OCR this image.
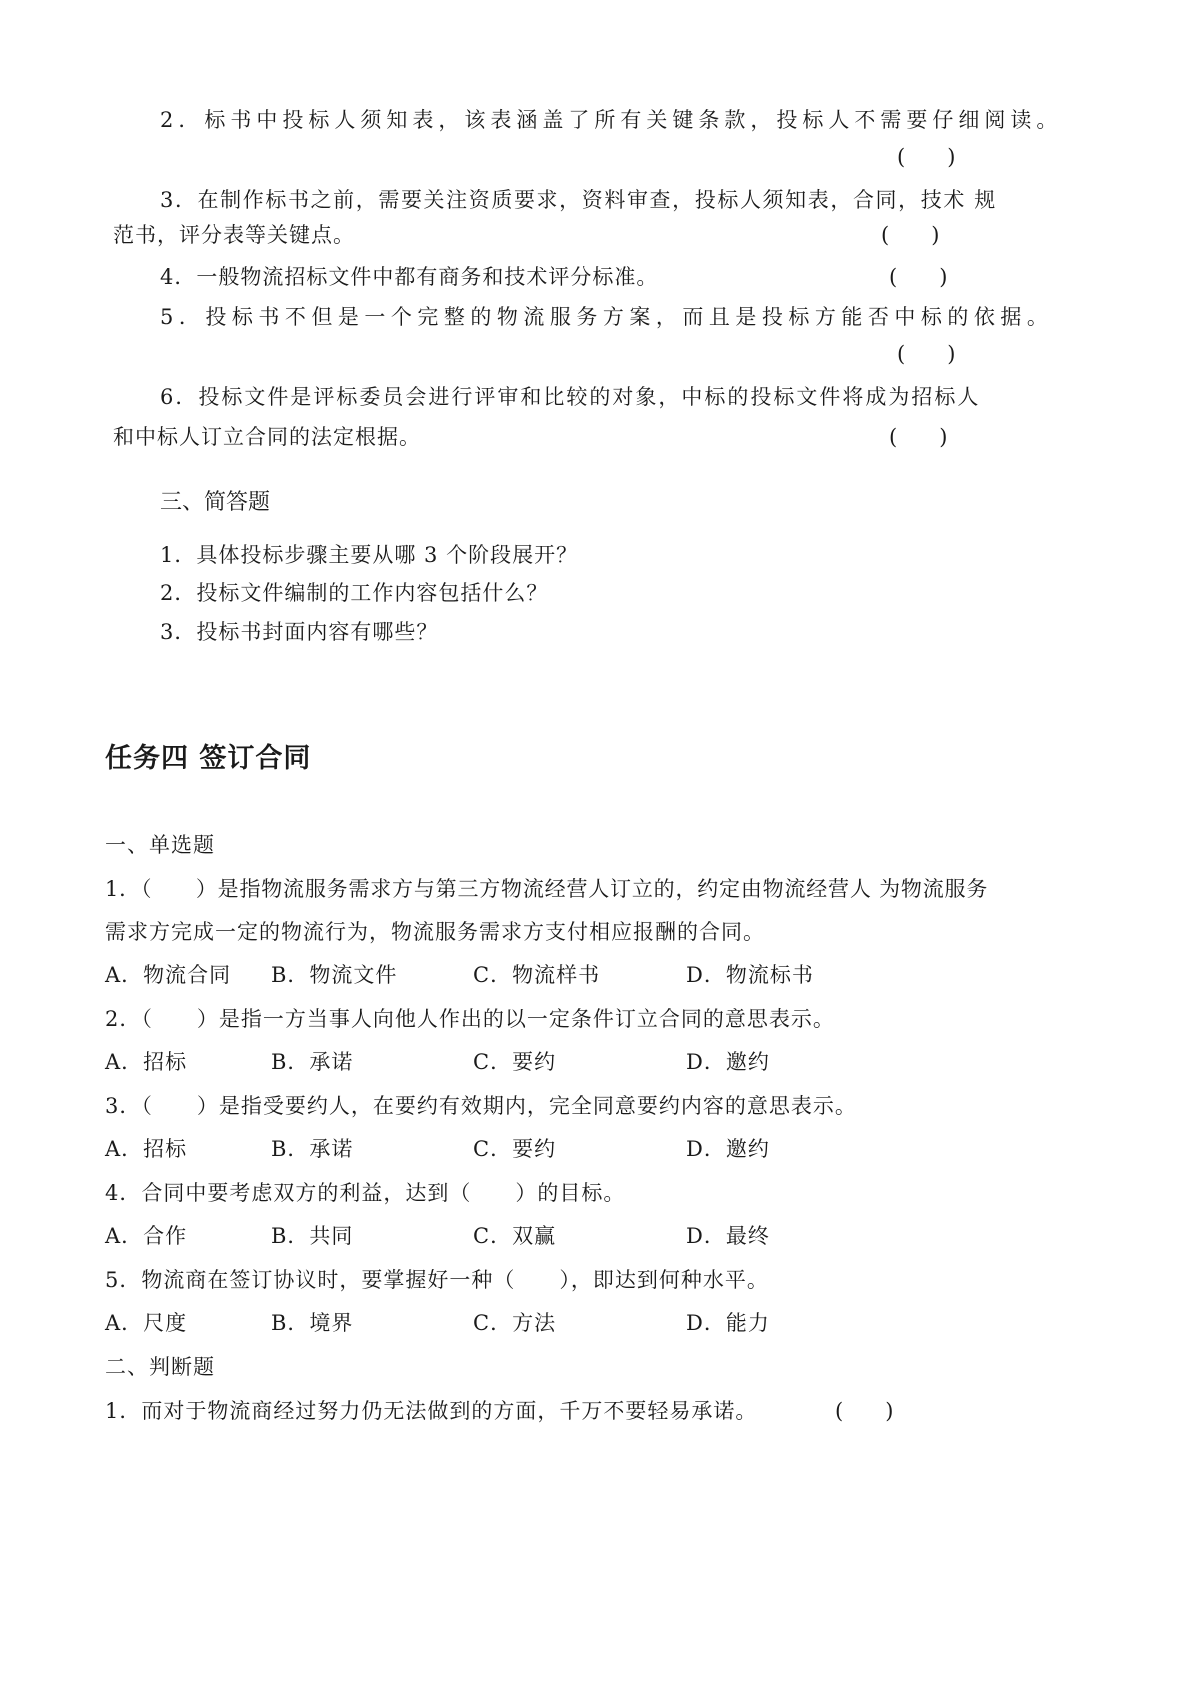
2．标书中投标人须知表，该表涵盖了所有关键条款，投标人不需要仔细阅读。
(　　)
3．在制作标书之前，需要关注资质要求，资料审查，投标人须知表，合同，技术 规
范书，评分表等关键点。	(　　)
4．一般物流招标文件中都有商务和技术评分标准。	(　　)
5．投标书不但是一个完整的物流服务方案，而且是投标方能否中标的依据。
(　　)
6．投标文件是评标委员会进行评审和比较的对象，中标的投标文件将成为招标人
和中标人订立合同的法定根据。	(　　)
三、简答题
1．具体投标步骤主要从哪 3 个阶段展开？
2．投标文件编制的工作内容包括什么？
3．投标书封面内容有哪些？
任务四 签订合同
一、单选题
1．（　　）是指物流服务需求方与第三方物流经营人订立的，约定由物流经营人 为物流服务
需求方完成一定的物流行为，物流服务需求方支付相应报酬的合同。
A．物流合同 B．物流文件	C．物流样书	D．物流标书
2．（　　）是指一方当事人向他人作出的以一定条件订立合同的意思表示。
A．招标	B．承诺	C．要约	D．邀约
3．（　　）是指受要约人，在要约有效期内，完全同意要约内容的意思表示。
A．招标	B．承诺	C．要约	D．邀约
4．合同中要考虑双方的利益，达到（　　）的目标。
A．合作	B．共同	C．双赢	D．最终
5．物流商在签订协议时，要掌握好一种（　　），即达到何种水平。
A．尺度	B．境界	C．方法	D．能力
二、判断题
1．而对于物流商经过努力仍无法做到的方面，千万不要轻易承诺。	(　　)
